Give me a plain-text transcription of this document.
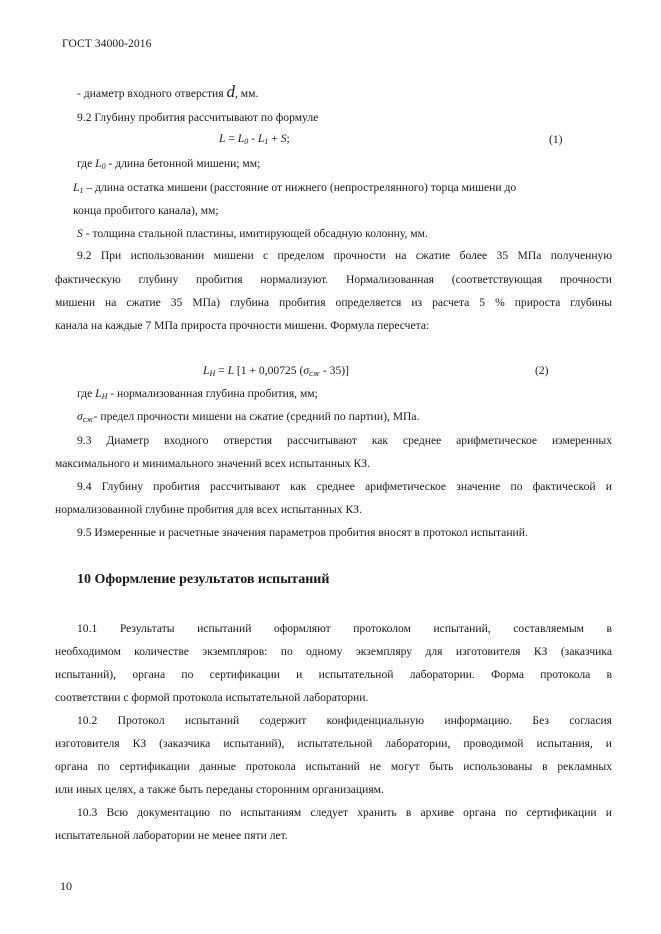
ГОСТ 34000-2016
- диаметр входного отверстия d, мм.
9.2 Глубину пробития рассчитывают по формуле
$L = L_0 - L_1 + S$;	(1)
где $L_0$ - длина бетонной мишени; мм;
$L_1$ – длина остатка мишени (расстояние от нижнего (непрострелянного) торца мишени до
конца пробитого канала), мм;
S - толщина стальной пластины, имитирующей обсадную колонну, мм.
9.2 При использовании мишени с пределом прочности на сжатие более 35 МПа полученную
фактическую глубину пробития нормализуют. Нормализованная (соответствующая прочности
мишени на сжатие 35 МПа) глубина пробития определяется из расчета 5 % прироста глубины
канала на каждые 7 МПа прироста прочности мишени. Формула пересчета:
$L_H = L$ [1 + 0,00725 $(\sigma_{сж} - 35)$]	(2)
где $L_H$ - нормализованная глубина пробития, мм;
$\sigma_{сж}-$ предел прочности мишени на сжатие (средний по партии), МПа.
9.3 Диаметр входного отверстия рассчитывают как среднее арифметическое измеренных
максимального и минимального значений всех испытанных КЗ.
9.4 Глубину пробития рассчитывают как среднее арифметическое значение по фактической и
нормализованной глубине пробития для всех испытанных КЗ.
9.5 Измеренные и расчетные значения параметров пробития вносят в протокол испытаний.
10 Оформление результатов испытаний
10.1 Результаты испытаний оформляют протоколом испытаний, составляемым в
необходимом количестве экземпляров: по одному экземпляру для изготовителя КЗ (заказчика
испытаний), органа по сертификации и испытательной лаборатории. Форма протокола в
соответствии с формой протокола испытательной лаборатории.
10.2 Протокол испытаний содержит конфиденциальную информацию. Без согласия
изготовителя КЗ (заказчика испытаний), испытательной лаборатории, проводимой испытания, и
органа по сертификации данные протокола испытаний не могут быть использованы в рекламных
или иных целях, а также быть переданы сторонним организациям.
10.3 Всю документацию по испытаниям следует хранить в архиве органа по сертификации и
испытательной лаборатории не менее пяти лет.
10
